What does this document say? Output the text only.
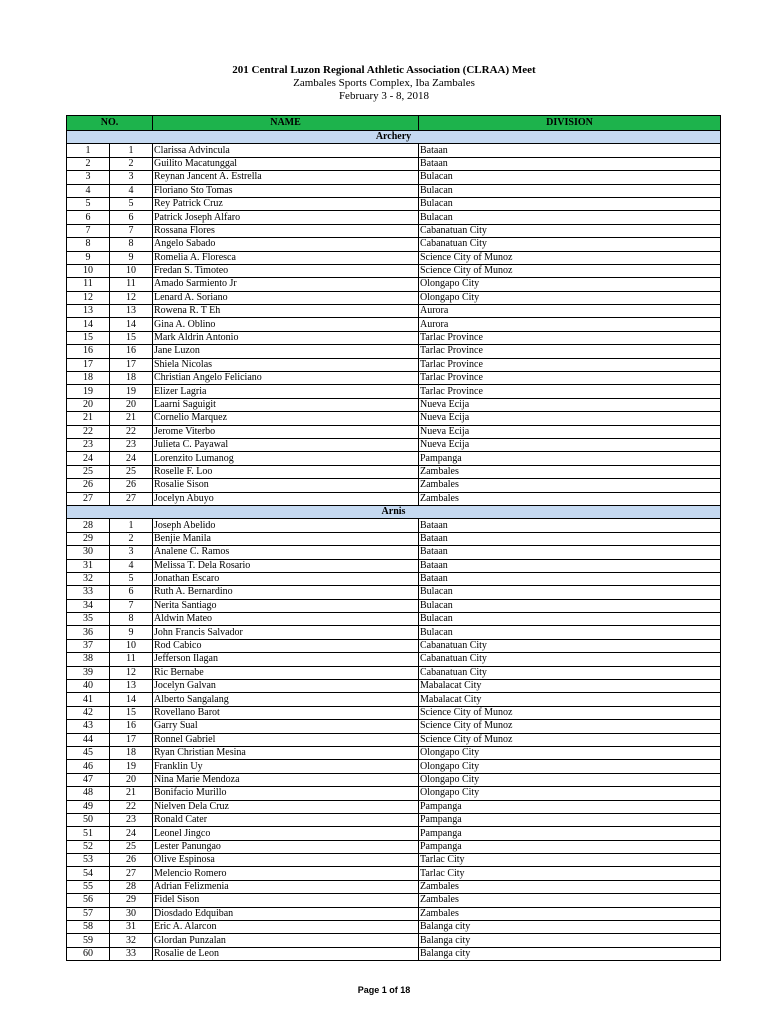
201 Central Luzon Regional Athletic Association (CLRAA) Meet
Zambales Sports Complex, Iba Zambales
February 3 - 8, 2018
NO.		NAME	DIVISION
Archery			
1	1	Clarissa Advincula	Bataan
2	2	Guilito Macatunggal	Bataan
3	3	Reynan Jancent A. Estrella	Bulacan
4	4	Floriano Sto Tomas	Bulacan
5	5	Rey Patrick Cruz	Bulacan
6	6	Patrick Joseph Alfaro	Bulacan
7	7	Rossana Flores	Cabanatuan City
8	8	Angelo Sabado	Cabanatuan City
9	9	Romelia A. Floresca	Science City of Munoz
10	10	Fredan S. Timoteo	Science City of Munoz
11	11	Amado Sarmiento Jr	Olongapo City
12	12	Lenard A. Soriano	Olongapo City
13	13	Rowena R. T Eh	Aurora
14	14	Gina A. Oblino	Aurora
15	15	Mark Aldrin Antonio	Tarlac Province
16	16	Jane Luzon	Tarlac Province
17	17	Shiela Nicolas	Tarlac Province
18	18	Christian Angelo Feliciano	Tarlac Province
19	19	Elizer Lagria	Tarlac Province
20	20	Laarni Saguigit	Nueva Ecija
21	21	Cornelio Marquez	Nueva Ecija
22	22	Jerome Viterbo	Nueva Ecija
23	23	Julieta C. Payawal	Nueva Ecija
24	24	Lorenzito Lumanog	Pampanga
25	25	Roselle F. Loo	Zambales
26	26	Rosalie Sison	Zambales
27	27	Jocelyn Abuyo	Zambales
Arnis			
28	1	Joseph Abelido	Bataan
29	2	Benjie Manila	Bataan
30	3	Analene C. Ramos	Bataan
31	4	Melissa T. Dela Rosario	Bataan
32	5	Jonathan Escaro	Bataan
33	6	Ruth A. Bernardino	Bulacan
34	7	Nerita Santiago	Bulacan
35	8	Aldwin Mateo	Bulacan
36	9	John Francis Salvador	Bulacan
37	10	Rod Cabico	Cabanatuan City
38	11	Jefferson Ilagan	Cabanatuan City
39	12	Ric Bernabe	Cabanatuan City
40	13	Jocelyn Galvan	Mabalacat City
41	14	Alberto Sangalang	Mabalacat City
42	15	Rovellano Barot	Science City of Munoz
43	16	Garry Sual	Science City of Munoz
44	17	Ronnel Gabriel	Science City of Munoz
45	18	Ryan Christian Mesina	Olongapo City
46	19	Franklin Uy	Olongapo City
47	20	Nina Marie Mendoza	Olongapo City
48	21	Bonifacio Murillo	Olongapo City
49	22	Nielven Dela Cruz	Pampanga
50	23	Ronald Cater	Pampanga
51	24	Leonel Jingco	Pampanga
52	25	Lester Panungao	Pampanga
53	26	Olive Espinosa	Tarlac City
54	27	Melencio Romero	Tarlac City
55	28	Adrian Felizmenia	Zambales
56	29	Fidel Sison	Zambales
57	30	Diosdado Edquiban	Zambales
58	31	Eric A. Alarcon	Balanga city
59	32	Glordan Punzalan	Balanga city
60	33	Rosalie de Leon	Balanga city
Page 1 of 18
